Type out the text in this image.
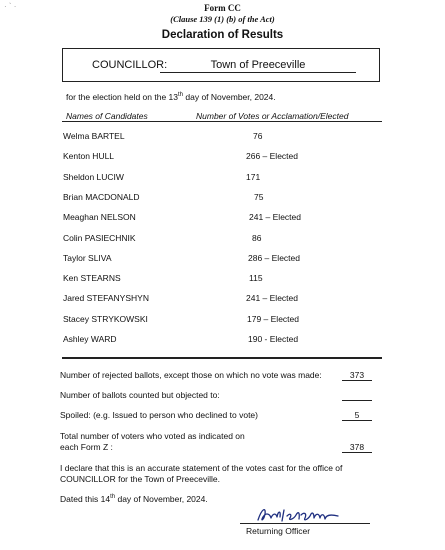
· ` ·	Form CC
(Clause 139 (1) (b) of the Act)
Declaration of Results
COUNCILLOR:	Town of Preeceville
for the election held on the 13th day of November, 2024.
Names of Candidates	Number of Votes or Acclamation/Elected
Welma BARTEL	76
Kenton HULL	266 – Elected
Sheldon LUCIW	171
Brian MACDONALD	75
Meaghan NELSON	241 – Elected
Colin PASIECHNIK	86
Taylor SLIVA	286 – Elected
Ken STEARNS	115
Jared STEFANYSHYN	241 – Elected
Stacey STRYKOWSKI	179 – Elected
Ashley WARD	190 - Elected
Number of rejected ballots, except those on which no vote was made:	373
Number of ballots counted but objected to:
Spoiled: (e.g. Issued to person who declined to vote)	5
Total number of voters who voted as indicated on
each Form Z :	378
I declare that this is an accurate statement of the votes cast for the office of COUNCILLOR for the Town of Preeceville.
Dated this 14th day of November, 2024.
Returning Officer
